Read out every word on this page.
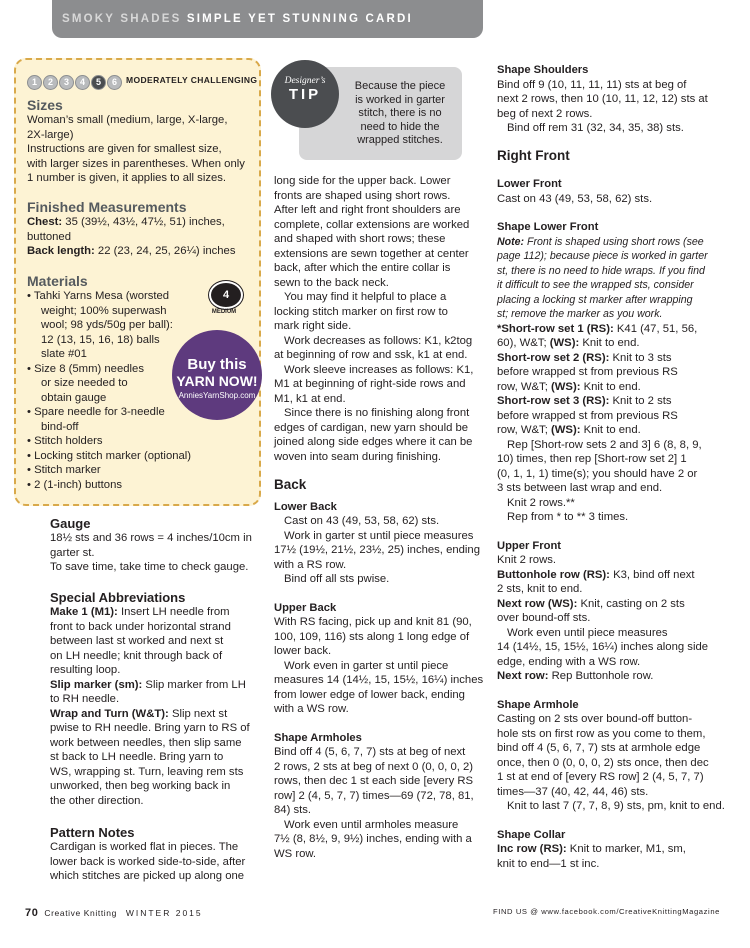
SMOKY SHADES SIMPLE YET STUNNING CARDI
1 2 3 4 5 6 MODERATELY CHALLENGING
Sizes
Woman’s small (medium, large, X-large,
2X-large)
Instructions are given for smallest size,
with larger sizes in parentheses. When only
1 number is given, it applies to all sizes.
Finished Measurements
Chest: 35 (39½, 43½, 47½, 51) inches,
buttoned
Back length: 22 (23, 24, 25, 26¼) inches
Materials
• Tahki Yarns Mesa (worsted
weight; 100% superwash
wool; 98 yds/50g per ball):
12 (13, 15, 16, 18) balls
slate #01
• Size 8 (5mm) needles
or size needed to
obtain gauge
• Spare needle for 3-needle
bind-off
• Stitch holders
• Locking stitch marker (optional)
• Stitch marker
• 2 (1-inch) buttons
4
MEDIUM
Buy this
YARN NOW!
AnniesYarnShop.com
Gauge
18½ sts and 36 rows = 4 inches/10cm in
garter st.
To save time, take time to check gauge.
Special Abbreviations
Make 1 (M1): Insert LH needle from
front to back under horizontal strand
between last st worked and next st
on LH needle; knit through back of
resulting loop.
Slip marker (sm): Slip marker from LH
to RH needle.
Wrap and Turn (W&T): Slip next st
pwise to RH needle. Bring yarn to RS of
work between needles, then slip same
st back to LH needle. Bring yarn to
WS, wrapping st. Turn, leaving rem sts
unworked, then beg working back in
the other direction.
Pattern Notes
Cardigan is worked flat in pieces. The
lower back is worked side-to-side, after
which stitches are picked up along one
Because the piece
is worked in garter
stitch, there is no
need to hide the
wrapped stitches.
Designer’s
TIP
long side for the upper back. Lower
fronts are shaped using short rows.
After left and right front shoulders are
complete, collar extensions are worked
and shaped with short rows; these
extensions are sewn together at center
back, after which the entire collar is
sewn to the back neck.
You may find it helpful to place a
locking stitch marker on first row to
mark right side.
Work decreases as follows: K1, k2tog
at beginning of row and ssk, k1 at end.
Work sleeve increases as follows: K1,
M1 at beginning of right-side rows and
M1, k1 at end.
Since there is no finishing along front
edges of cardigan, new yarn should be
joined along side edges where it can be
woven into seam during finishing.
Back
Lower Back
Cast on 43 (49, 53, 58, 62) sts.
Work in garter st until piece measures
17½ (19½, 21½, 23½, 25) inches, ending
with a RS row.
Bind off all sts pwise.
Upper Back
With RS facing, pick up and knit 81 (90,
100, 109, 116) sts along 1 long edge of
lower back.
Work even in garter st until piece
measures 14 (14½, 15, 15½, 16¼) inches
from lower edge of lower back, ending
with a WS row.
Shape Armholes
Bind off 4 (5, 6, 7, 7) sts at beg of next
2 rows, 2 sts at beg of next 0 (0, 0, 0, 2)
rows, then dec 1 st each side [every RS
row] 2 (4, 5, 7, 7) times—69 (72, 78, 81,
84) sts.
Work even until armholes measure
7½ (8, 8½, 9, 9½) inches, ending with a
WS row.
Shape Shoulders
Bind off 9 (10, 11, 11, 11) sts at beg of
next 2 rows, then 10 (10, 11, 12, 12) sts at
beg of next 2 rows.
Bind off rem 31 (32, 34, 35, 38) sts.
Right Front
Lower Front
Cast on 43 (49, 53, 58, 62) sts.
Shape Lower Front
Note: Front is shaped using short rows (see
page 112); because piece is worked in garter
st, there is no need to hide wraps. If you find
it difficult to see the wrapped sts, consider
placing a locking st marker after wrapping
st; remove the marker as you work.
*Short-row set 1 (RS): K41 (47, 51, 56,
60), W&T; (WS): Knit to end.
Short-row set 2 (RS): Knit to 3 sts
before wrapped st from previous RS
row, W&T; (WS): Knit to end.
Short-row set 3 (RS): Knit to 2 sts
before wrapped st from previous RS
row, W&T; (WS): Knit to end.
Rep [Short-row sets 2 and 3] 6 (8, 8, 9,
10) times, then rep [Short-row set 2] 1
(0, 1, 1, 1) time(s); you should have 2 or
3 sts between last wrap and end.
Knit 2 rows.**
Rep from * to ** 3 times.
Upper Front
Knit 2 rows.
Buttonhole row (RS): K3, bind off next
2 sts, knit to end.
Next row (WS): Knit, casting on 2 sts
over bound-off sts.
Work even until piece measures
14 (14½, 15, 15½, 16¼) inches along side
edge, ending with a WS row.
Next row: Rep Buttonhole row.
Shape Armhole
Casting on 2 sts over bound-off button-
hole sts on first row as you come to them,
bind off 4 (5, 6, 7, 7) sts at armhole edge
once, then 0 (0, 0, 0, 2) sts once, then dec
1 st at end of [every RS row] 2 (4, 5, 7, 7)
times—37 (40, 42, 44, 46) sts.
Knit to last 7 (7, 7, 8, 9) sts, pm, knit to end.
Shape Collar
Inc row (RS): Knit to marker, M1, sm,
knit to end—1 st inc.
70 Creative Knitting WINTER 2015	FIND US @ www.facebook.com/CreativeKnittingMagazine
